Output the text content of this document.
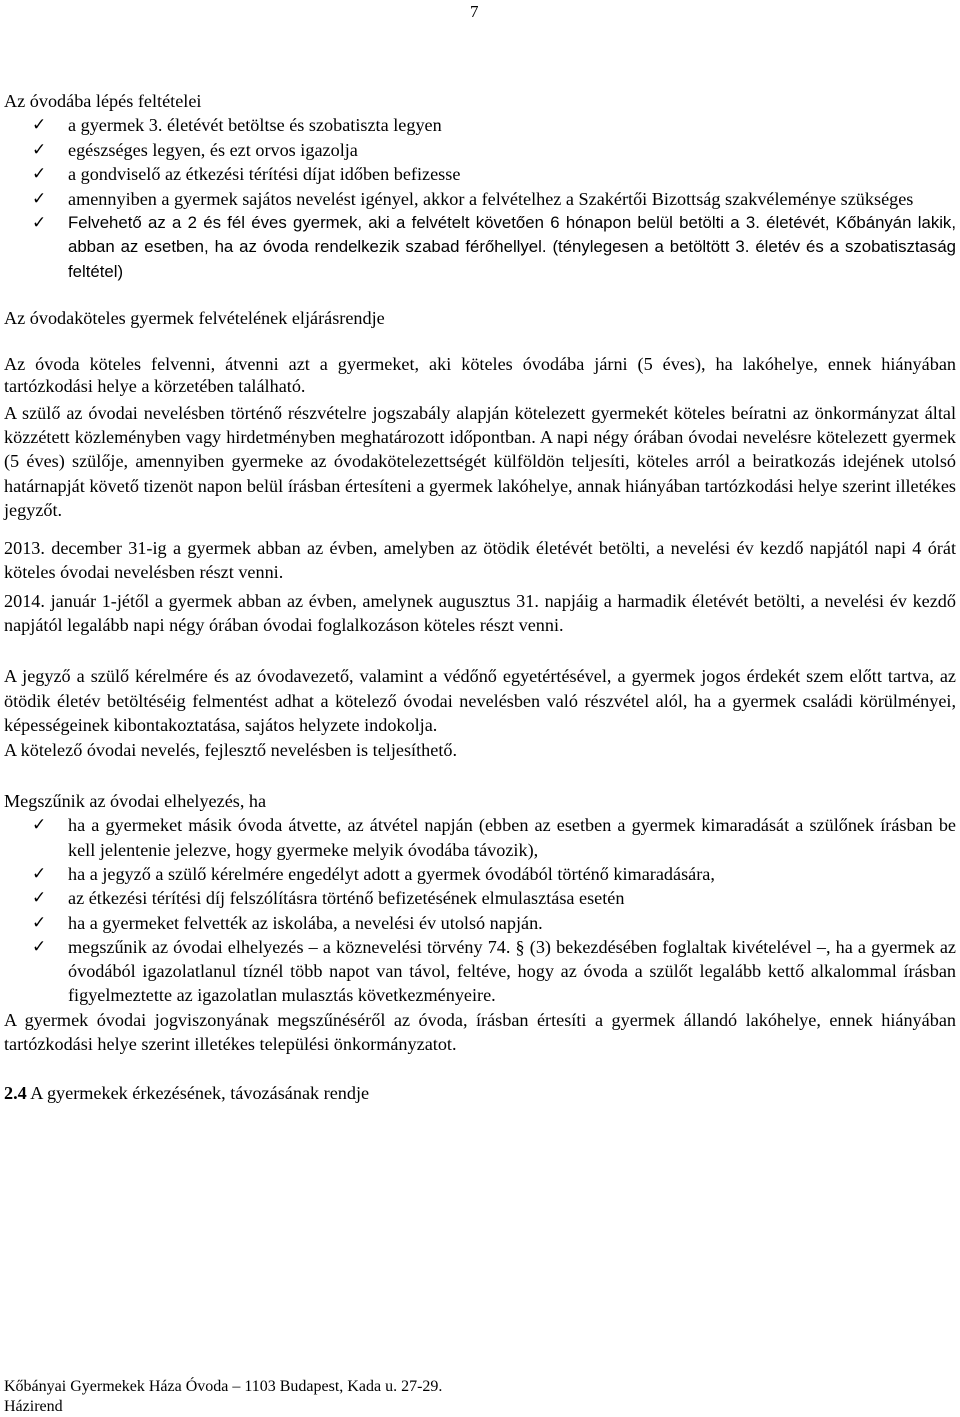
7

Az óvodába lépés feltételei

✓	a gyermek 3. életévét betöltse és szobatiszta legyen
✓	egészséges legyen, és ezt orvos igazolja
✓	a gondviselő az étkezési térítési díjat időben befizesse
✓	amennyiben a gyermek sajátos nevelést igényel, akkor a felvételhez a Szakértői Bizottság szakvéleménye szükséges
✓	Felvehető az a 2 és fél éves gyermek, aki a felvételt követően 6 hónapon belül betölti a 3. életévét, Kőbányán lakik, abban az esetben, ha az óvoda rendelkezik szabad férőhellyel. (ténylegesen a betöltött 3. életév és a szobatisztaság feltétel)

Az óvodaköteles gyermek felvételének eljárásrendje

Az óvoda köteles felvenni, átvenni azt a gyermeket, aki köteles óvodába járni (5 éves), ha lakóhelye, ennek hiányában tartózkodási helye a körzetében található.

A szülő az óvodai nevelésben történő részvételre jogszabály alapján kötelezett gyermekét köteles beíratni az önkormányzat által közzétett közleményben vagy hirdetményben meghatározott időpontban. A napi négy órában óvodai nevelésre kötelezett gyermek (5 éves) szülője, amennyiben gyermeke az óvodakötelezettségét külföldön teljesíti, köteles arról a beiratkozás idejének utolsó határnapját követő tizenöt napon belül írásban értesíteni a gyermek lakóhelye, annak hiányában tartózkodási helye szerint illetékes jegyzőt.

2013. december 31-ig a gyermek abban az évben, amelyben az ötödik életévét betölti, a nevelési év kezdő napjától napi 4 órát köteles óvodai nevelésben részt venni.

2014. január 1-jétől a gyermek abban az évben, amelynek augusztus 31. napjáig a harmadik életévét betölti, a nevelési év kezdő napjától legalább napi négy órában óvodai foglalkozáson köteles részt venni.

A jegyző a szülő kérelmére és az óvodavezető, valamint a védőnő egyetértésével, a gyermek jogos érdekét szem előtt tartva, az ötödik életév betöltéséig felmentést adhat a kötelező óvodai nevelésben való részvétel alól, ha a gyermek családi körülményei, képességeinek kibontakoztatása, sajátos helyzete indokolja.

A kötelező óvodai nevelés, fejlesztő nevelésben is teljesíthető.

Megszűnik az óvodai elhelyezés, ha

✓	ha a gyermeket másik óvoda átvette, az átvétel napján (ebben az esetben a gyermek kimaradását a szülőnek írásban be kell jelentenie jelezve, hogy gyermeke melyik óvodába távozik),
✓	ha a jegyző a szülő kérelmére engedélyt adott a gyermek óvodából történő kimaradására,
✓	az étkezési térítési díj felszólításra történő befizetésének elmulasztása esetén
✓	ha a gyermeket felvették az iskolába, a nevelési év utolsó napján.
✓	megszűnik az óvodai elhelyezés – a köznevelési törvény 74. § (3) bekezdésében foglaltak kivételével –, ha a gyermek az óvodából igazolatlanul tíznél több napot van távol, feltéve, hogy az óvoda a szülőt legalább kettő alkalommal írásban figyelmeztette az igazolatlan mulasztás következményeire.

A gyermek óvodai jogviszonyának megszűnéséről az óvoda, írásban értesíti a gyermek állandó lakóhelye, ennek hiányában tartózkodási helye szerint illetékes települési önkormányzatot.

2.4 A gyermekek érkezésének, távozásának rendje

Kőbányai Gyermekek Háza Óvoda – 1103 Budapest, Kada u. 27-29.
Házirend
